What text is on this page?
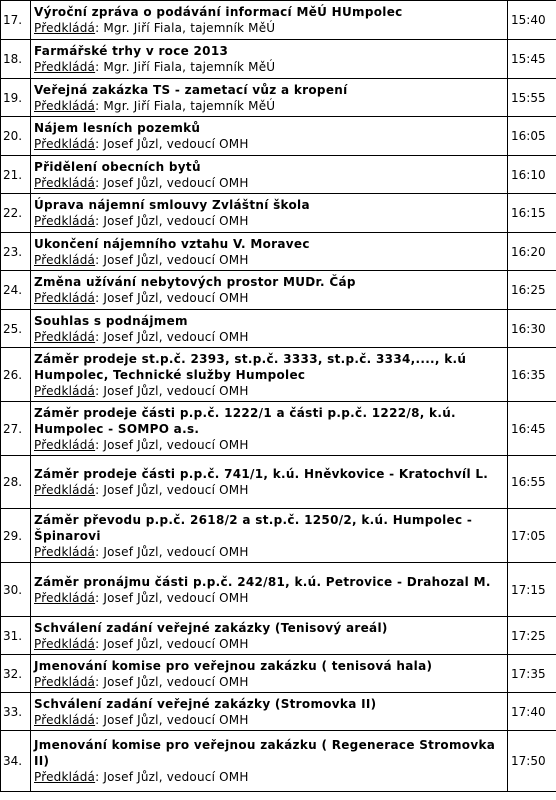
17.	Výroční zpráva o podávání informací MěÚ HUmpolec
Předkládá: Mgr. Jiří Fiala, tajemník MěÚ	15:40
18.	Farmářské trhy v roce 2013
Předkládá: Mgr. Jiří Fiala, tajemník MěÚ	15:45
19.	Veřejná zakázka TS - zametací vůz a kropení
Předkládá: Mgr. Jiří Fiala, tajemník MěÚ	15:55
20.	Nájem lesních pozemků
Předkládá: Josef Jůzl, vedoucí OMH	16:05
21.	Přidělení obecních bytů
Předkládá: Josef Jůzl, vedoucí OMH	16:10
22.	Úprava nájemní smlouvy Zvláštní škola
Předkládá: Josef Jůzl, vedoucí OMH	16:15
23.	Ukončení nájemního vztahu V. Moravec
Předkládá: Josef Jůzl, vedoucí OMH	16:20
24.	Změna užívání nebytových prostor MUDr. Čáp
Předkládá: Josef Jůzl, vedoucí OMH	16:25
25.	Souhlas s podnájmem
Předkládá: Josef Jůzl, vedoucí OMH	16:30
26.	Záměr prodeje st.p.č. 2393, st.p.č. 3333, st.p.č. 3334,...., k.ú Humpolec, Technické služby Humpolec
Předkládá: Josef Jůzl, vedoucí OMH	16:35
27.	Záměr prodeje části p.p.č. 1222/1 a části p.p.č. 1222/8, k.ú. Humpolec - SOMPO a.s.
Předkládá: Josef Jůzl, vedoucí OMH	16:45
28.	Záměr prodeje části p.p.č. 741/1, k.ú. Hněvkovice - Kratochvíl L.
Předkládá: Josef Jůzl, vedoucí OMH	16:55
29.	Záměr převodu p.p.č. 2618/2 a st.p.č. 1250/2, k.ú. Humpolec - Špinarovi
Předkládá: Josef Jůzl, vedoucí OMH	17:05
30.	Záměr pronájmu části p.p.č. 242/81, k.ú. Petrovice - Drahozal M.
Předkládá: Josef Jůzl, vedoucí OMH	17:15
31.	Schválení zadání veřejné zakázky (Tenisový areál)
Předkládá: Josef Jůzl, vedoucí OMH	17:25
32.	Jmenování komise pro veřejnou zakázku ( tenisová hala)
Předkládá: Josef Jůzl, vedoucí OMH	17:35
33.	Schválení zadání veřejné zakázky (Stromovka II)
Předkládá: Josef Jůzl, vedoucí OMH	17:40
34.	Jmenování komise pro veřejnou zakázku ( Regenerace Stromovka II)
Předkládá: Josef Jůzl, vedoucí OMH	17:50
